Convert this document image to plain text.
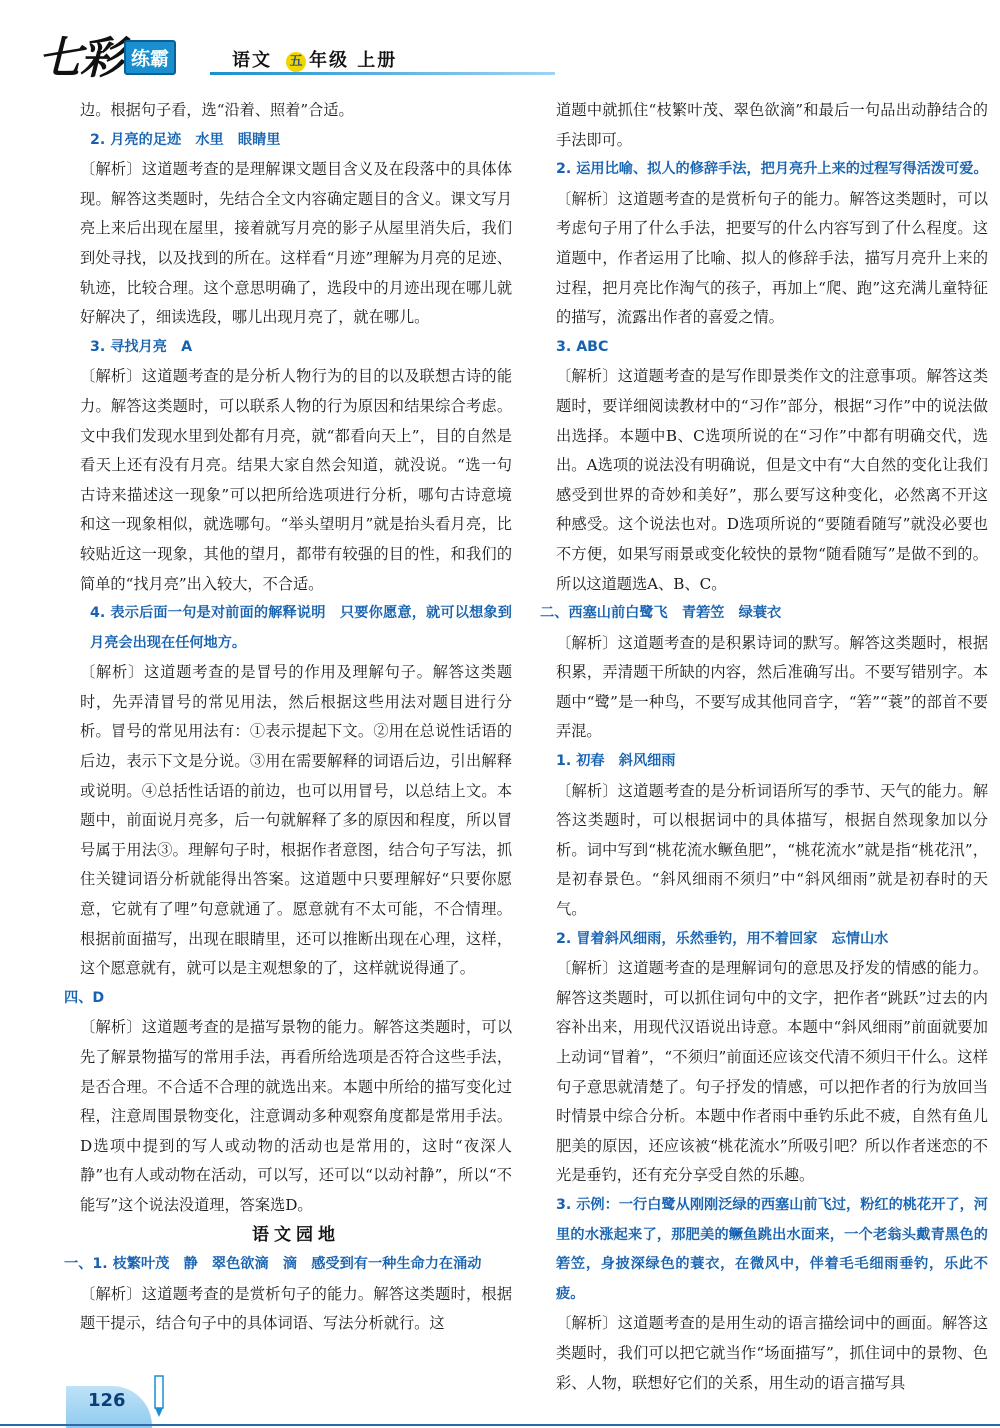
七彩 练霸	语文 五 年级 上册

边。根据句子看，选“沿着、照着”合适。

2. 月亮的足迹　水里　眼睛里

〔解析〕这道题考查的是理解课文题目含义及在段落中的具体体现。解答这类题时，先结合全文内容确定题目的含义。课文写月亮上来后出现在屋里，接着就写月亮的影子从屋里消失后，我们到处寻找，以及找到的所在。这样看“月迹”理解为月亮的足迹、轨迹，比较合理。这个意思明确了，选段中的月迹出现在哪儿就好解决了，细读选段，哪儿出现月亮了，就在哪儿。

3. 寻找月亮　A

〔解析〕这道题考查的是分析人物行为的目的以及联想古诗的能力。解答这类题时，可以联系人物的行为原因和结果综合考虑。文中我们发现水里到处都有月亮，就“都看向天上”，目的自然是看天上还有没有月亮。结果大家自然会知道，就没说。“选一句古诗来描述这一现象”可以把所给选项进行分析，哪句古诗意境和这一现象相似，就选哪句。“举头望明月”就是抬头看月亮，比较贴近这一现象，其他的望月，都带有较强的目的性，和我们的简单的“找月亮”出入较大，不合适。

4. 表示后面一句是对前面的解释说明　只要你愿意，就可以想象到月亮会出现在任何地方。

〔解析〕这道题考查的是冒号的作用及理解句子。解答这类题时，先弄清冒号的常见用法，然后根据这些用法对题目进行分析。冒号的常见用法有：①表示提起下文。②用在总说性话语的后边，表示下文是分说。③用在需要解释的词语后边，引出解释或说明。④总括性话语的前边，也可以用冒号，以总结上文。本题中，前面说月亮多，后一句就解释了多的原因和程度，所以冒号属于用法③。理解句子时，根据作者意图，结合句子写法，抓住关键词语分析就能得出答案。这道题中只要理解好“只要你愿意，它就有了哩”句意就通了。愿意就有不太可能，不合情理。根据前面描写，出现在眼睛里，还可以推断出现在心理，这样，这个愿意就有，就可以是主观想象的了，这样就说得通了。

四、D

〔解析〕这道题考查的是描写景物的能力。解答这类题时，可以先了解景物描写的常用手法，再看所给选项是否符合这些手法，是否合理。不合适不合理的就选出来。本题中所给的描写变化过程，注意周围景物变化，注意调动多种观察角度都是常用手法。D选项中提到的写人或动物的活动也是常用的，这时“夜深人静”也有人或动物在活动，可以写，还可以“以动衬静”，所以“不能写”这个说法没道理，答案选D。

语文园地

一、1. 枝繁叶茂　静　翠色欲滴　滴　感受到有一种生命力在涌动

〔解析〕这道题考查的是赏析句子的能力。解答这类题时，根据题干提示，结合句子中的具体词语、写法分析就行。这

道题中就抓住“枝繁叶茂、翠色欲滴”和最后一句品出动静结合的手法即可。

2. 运用比喻、拟人的修辞手法，把月亮升上来的过程写得活泼可爱。

〔解析〕这道题考查的是赏析句子的能力。解答这类题时，可以考虑句子用了什么手法，把要写的什么内容写到了什么程度。这道题中，作者运用了比喻、拟人的修辞手法，描写月亮升上来的过程，把月亮比作淘气的孩子，再加上“爬、跑”这充满儿童特征的描写，流露出作者的喜爱之情。

3. ABC

〔解析〕这道题考查的是写作即景类作文的注意事项。解答这类题时，要详细阅读教材中的“习作”部分，根据“习作”中的说法做出选择。本题中B、C选项所说的在“习作”中都有明确交代，选出。A选项的说法没有明确说，但是文中有“大自然的变化让我们感受到世界的奇妙和美好”，那么要写这种变化，必然离不开这种感受。这个说法也对。D选项所说的“要随看随写”就没必要也不方便，如果写雨景或变化较快的景物“随看随写”是做不到的。所以这道题选A、B、C。

二、西塞山前白鹭飞　青箬笠　绿蓑衣

〔解析〕这道题考查的是积累诗词的默写。解答这类题时，根据积累，弄清题干所缺的内容，然后准确写出。不要写错别字。本题中“鹭”是一种鸟，不要写成其他同音字，“箬”“蓑”的部首不要弄混。

1. 初春　斜风细雨

〔解析〕这道题考查的是分析词语所写的季节、天气的能力。解答这类题时，可以根据词中的具体描写，根据自然现象加以分析。词中写到“桃花流水鳜鱼肥”，“桃花流水”就是指“桃花汛”，是初春景色。“斜风细雨不须归”中“斜风细雨”就是初春时的天气。

2. 冒着斜风细雨，乐然垂钓，用不着回家　忘情山水

〔解析〕这道题考查的是理解词句的意思及抒发的情感的能力。解答这类题时，可以抓住词句中的文字，把作者“跳跃”过去的内容补出来，用现代汉语说出诗意。本题中“斜风细雨”前面就要加上动词“冒着”，“不须归”前面还应该交代清不须归干什么。这样句子意思就清楚了。句子抒发的情感，可以把作者的行为放回当时情景中综合分析。本题中作者雨中垂钓乐此不疲，自然有鱼儿肥美的原因，还应该被“桃花流水”所吸引吧？所以作者迷恋的不光是垂钓，还有充分享受自然的乐趣。

3. 示例：一行白鹭从刚刚泛绿的西塞山前飞过，粉红的桃花开了，河里的水涨起来了，那肥美的鳜鱼跳出水面来，一个老翁头戴青黑色的箬笠，身披深绿色的蓑衣，在微风中，伴着毛毛细雨垂钓，乐此不疲。

〔解析〕这道题考查的是用生动的语言描绘词中的画面。解答这类题时，我们可以把它就当作“场面描写”，抓住词中的景物、色彩、人物，联想好它们的关系，用生动的语言描写具

126
